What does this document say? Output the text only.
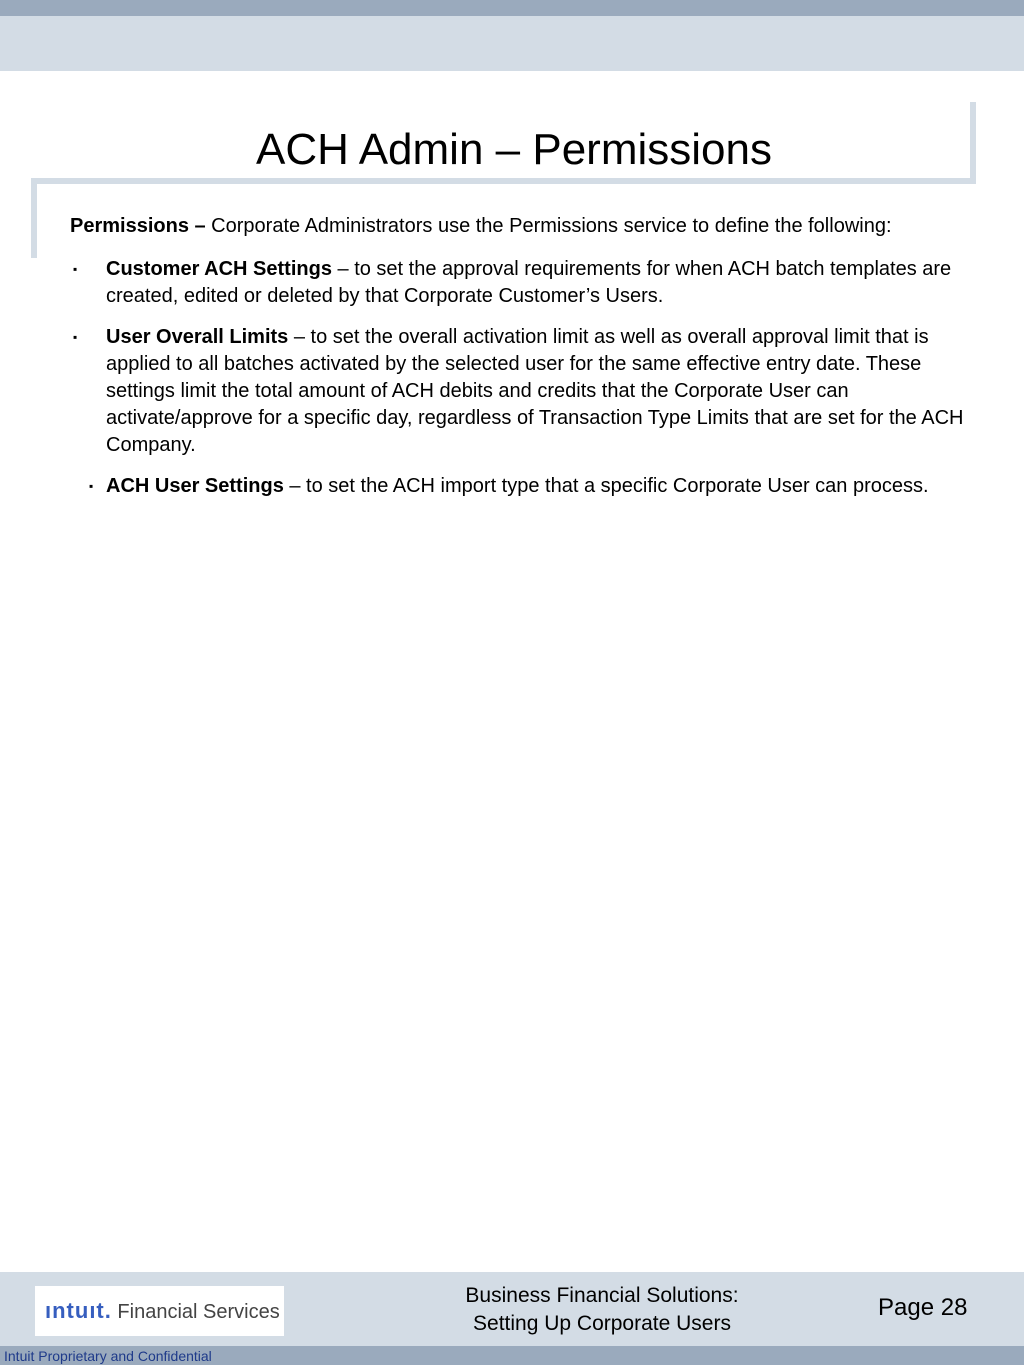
ACH Admin – Permissions

Permissions – Corporate Administrators use the Permissions service to define the following:

▪ Customer ACH Settings – to set the approval requirements for when ACH batch templates are created, edited or deleted by that Corporate Customer’s Users.

▪ User Overall Limits – to set the overall activation limit as well as overall approval limit that is applied to all batches activated by the selected user for the same effective entry date. These settings limit the total amount of ACH debits and credits that the Corporate User can activate/approve for a specific day, regardless of Transaction Type Limits that are set for the ACH Company.

▪ ACH User Settings – to set the ACH import type that a specific Corporate User can process.

ıntuıt. Financial Services
Business Financial Solutions:
Setting Up Corporate Users
Page 28
Intuit Proprietary and Confidential
